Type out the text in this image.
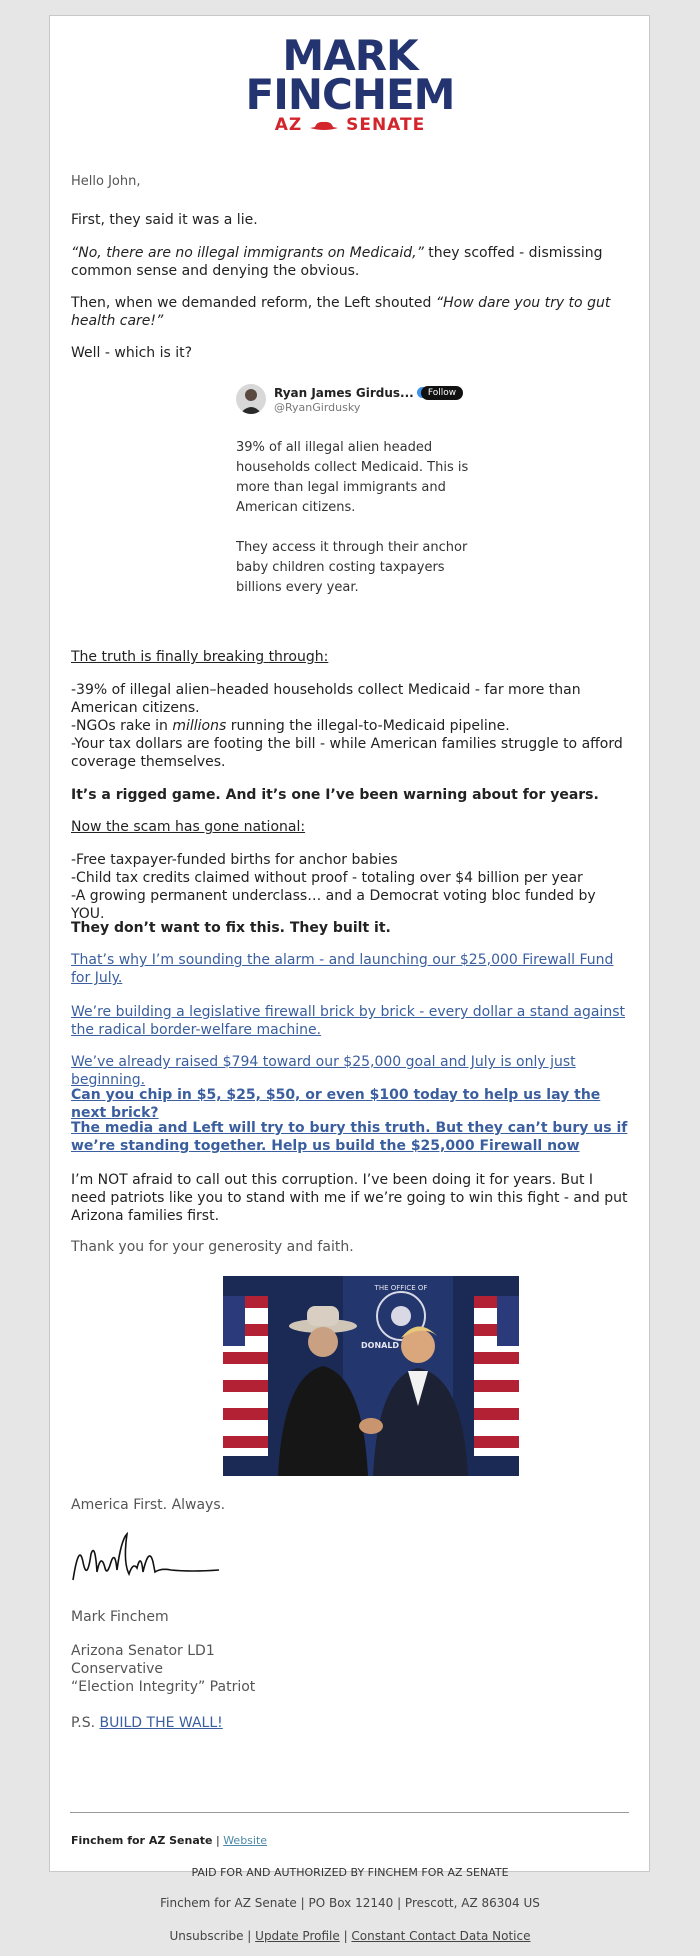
MARK
FINCHEM
AZ	SENATE
Hello John,
First, they said it was a lie.
“No, there are no illegal immigrants on Medicaid,” they scoffed - dismissing common sense and denying the obvious.
Then, when we demanded reform, the Left shouted “How dare you try to gut health care!”
Well - which is it?
Ryan James Girdus...
@RyanGirdusky
Follow
39% of all illegal alien headed households collect Medicaid. This is more than legal immigrants and American citizens.
They access it through their anchor baby children costing taxpayers billions every year.
The truth is finally breaking through:
-39% of illegal alien–headed households collect Medicaid - far more than American citizens.
-NGOs rake in millions running the illegal-to-Medicaid pipeline.
-Your tax dollars are footing the bill - while American families struggle to afford coverage themselves.
It’s a rigged game. And it’s one I’ve been warning about for years.
Now the scam has gone national:
-Free taxpayer-funded births for anchor babies
-Child tax credits claimed without proof - totaling over $4 billion per year
-A growing permanent underclass… and a Democrat voting bloc funded by YOU.
They don’t want to fix this. They built it.
That’s why I’m sounding the alarm - and launching our $25,000 Firewall Fund for July.
We’re building a legislative firewall brick by brick - every dollar a stand against the radical border-welfare machine.
We’ve already raised $794 toward our $25,000 goal and July is only just beginning.
Can you chip in $5, $25, $50, or even $100 today to help us lay the next brick?
The media and Left will try to bury this truth. But they can’t bury us if we’re standing together. Help us build the $25,000 Firewall now
I’m NOT afraid to call out this corruption. I’ve been doing it for years. But I need patriots like you to stand with me if we’re going to win this fight - and put Arizona families first.
Thank you for your generosity and faith.
THE OFFICE OF
DONALD
America First. Always.
Mark Finchem
Arizona Senator LD1
Conservative
“Election Integrity” Patriot
P.S. BUILD THE WALL!
Finchem for AZ Senate | Website
PAID FOR AND AUTHORIZED BY FINCHEM FOR AZ SENATE
Finchem for AZ Senate | PO Box 12140 | Prescott, AZ 86304 US
Unsubscribe | Update Profile | Constant Contact Data Notice
